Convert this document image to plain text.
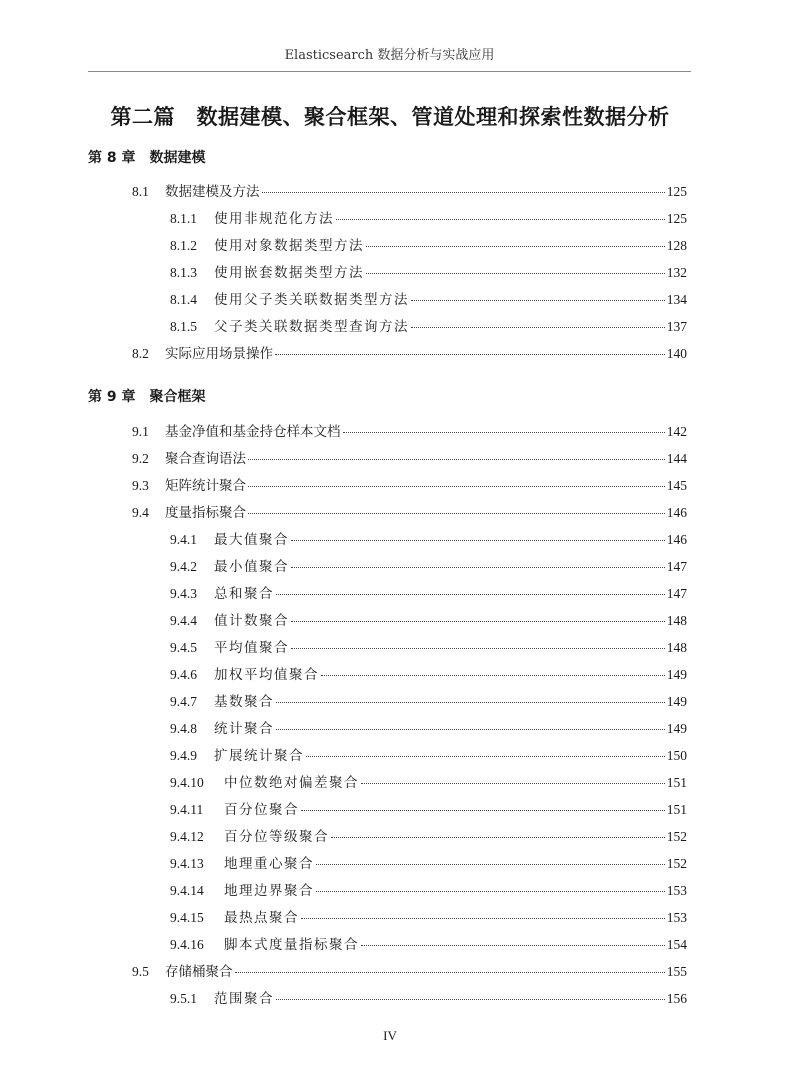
Elasticsearch 数据分析与实战应用
第二篇　数据建模、聚合框架、管道处理和探索性数据分析
第 8 章 数据建模
8.1	数据建模及方法	125
8.1.1	使用非规范化方法	125
8.1.2	使用对象数据类型方法	128
8.1.3	使用嵌套数据类型方法	132
8.1.4	使用父子类关联数据类型方法	134
8.1.5	父子类关联数据类型查询方法	137
8.2	实际应用场景操作	140
第 9 章 聚合框架
9.1	基金净值和基金持仓样本文档	142
9.2	聚合查询语法	144
9.3	矩阵统计聚合	145
9.4	度量指标聚合	146
9.4.1	最大值聚合	146
9.4.2	最小值聚合	147
9.4.3	总和聚合	147
9.4.4	值计数聚合	148
9.4.5	平均值聚合	148
9.4.6	加权平均值聚合	149
9.4.7	基数聚合	149
9.4.8	统计聚合	149
9.4.9	扩展统计聚合	150
9.4.10	中位数绝对偏差聚合	151
9.4.11	百分位聚合	151
9.4.12	百分位等级聚合	152
9.4.13	地理重心聚合	152
9.4.14	地理边界聚合	153
9.4.15	最热点聚合	153
9.4.16	脚本式度量指标聚合	154
9.5	存储桶聚合	155
9.5.1	范围聚合	156
IV
